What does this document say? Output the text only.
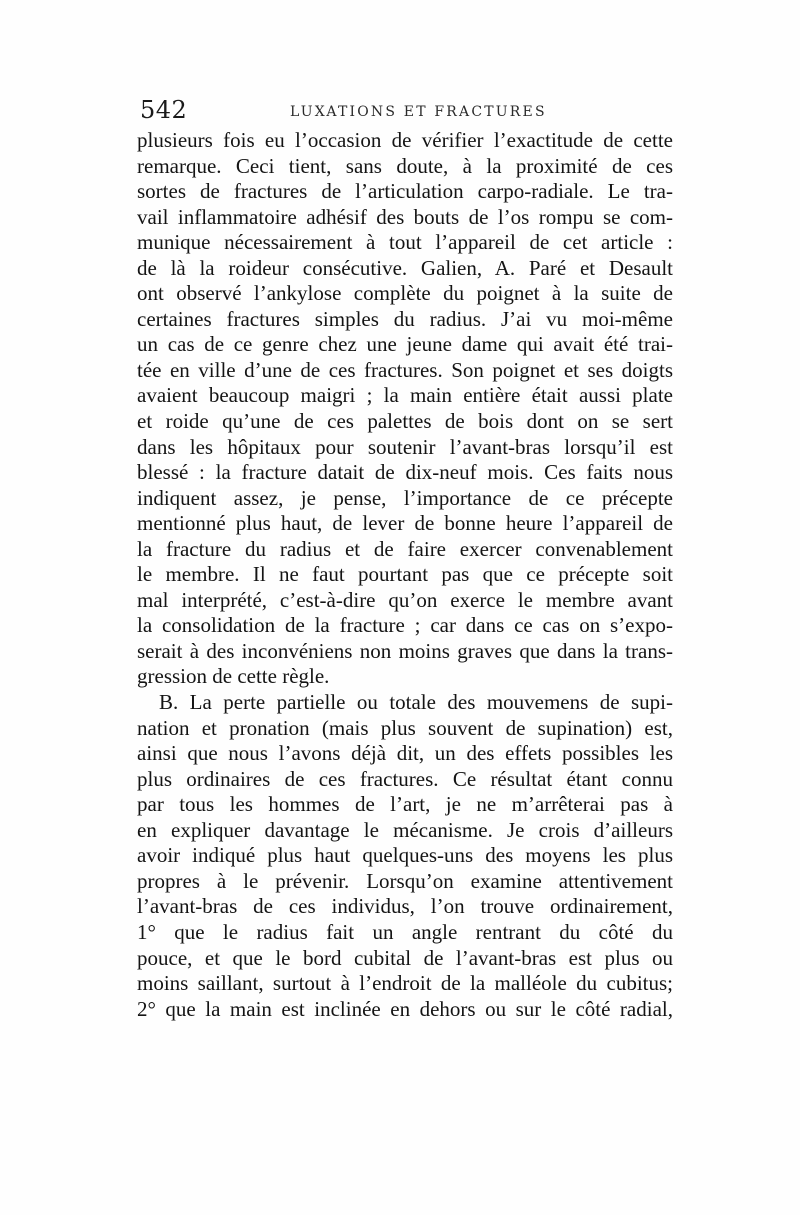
542	LUXATIONS ET FRACTURES
plusieurs fois eu l’occasion de vérifier l’exactitude de cette
remarque. Ceci tient, sans doute, à la proximité de ces
sortes de fractures de l’articulation carpo-radiale. Le tra-
vail inflammatoire adhésif des bouts de l’os rompu se com-
munique nécessairement à tout l’appareil de cet article :
de là la roideur consécutive. Galien, A. Paré et Desault
ont observé l’ankylose complète du poignet à la suite de
certaines fractures simples du radius. J’ai vu moi-même
un cas de ce genre chez une jeune dame qui avait été trai-
tée en ville d’une de ces fractures. Son poignet et ses doigts
avaient beaucoup maigri ; la main entière était aussi plate
et roide qu’une de ces palettes de bois dont on se sert
dans les hôpitaux pour soutenir l’avant-bras lorsqu’il est
blessé : la fracture datait de dix-neuf mois. Ces faits nous
indiquent assez, je pense, l’importance de ce précepte
mentionné plus haut, de lever de bonne heure l’appareil de
la fracture du radius et de faire exercer convenablement
le membre. Il ne faut pourtant pas que ce précepte soit
mal interprété, c’est-à-dire qu’on exerce le membre avant
la consolidation de la fracture ; car dans ce cas on s’expo-
serait à des inconvéniens non moins graves que dans la trans-
gression de cette règle.
B. La perte partielle ou totale des mouvemens de supi-
nation et pronation (mais plus souvent de supination) est,
ainsi que nous l’avons déjà dit, un des effets possibles les
plus ordinaires de ces fractures. Ce résultat étant connu
par tous les hommes de l’art, je ne m’arrêterai pas à
en expliquer davantage le mécanisme. Je crois d’ailleurs
avoir indiqué plus haut quelques-uns des moyens les plus
propres à le prévenir. Lorsqu’on examine attentivement
l’avant-bras de ces individus, l’on trouve ordinairement,
1° que le radius fait un angle rentrant du côté du
pouce, et que le bord cubital de l’avant-bras est plus ou
moins saillant, surtout à l’endroit de la malléole du cubitus;
2° que la main est inclinée en dehors ou sur le côté radial,
